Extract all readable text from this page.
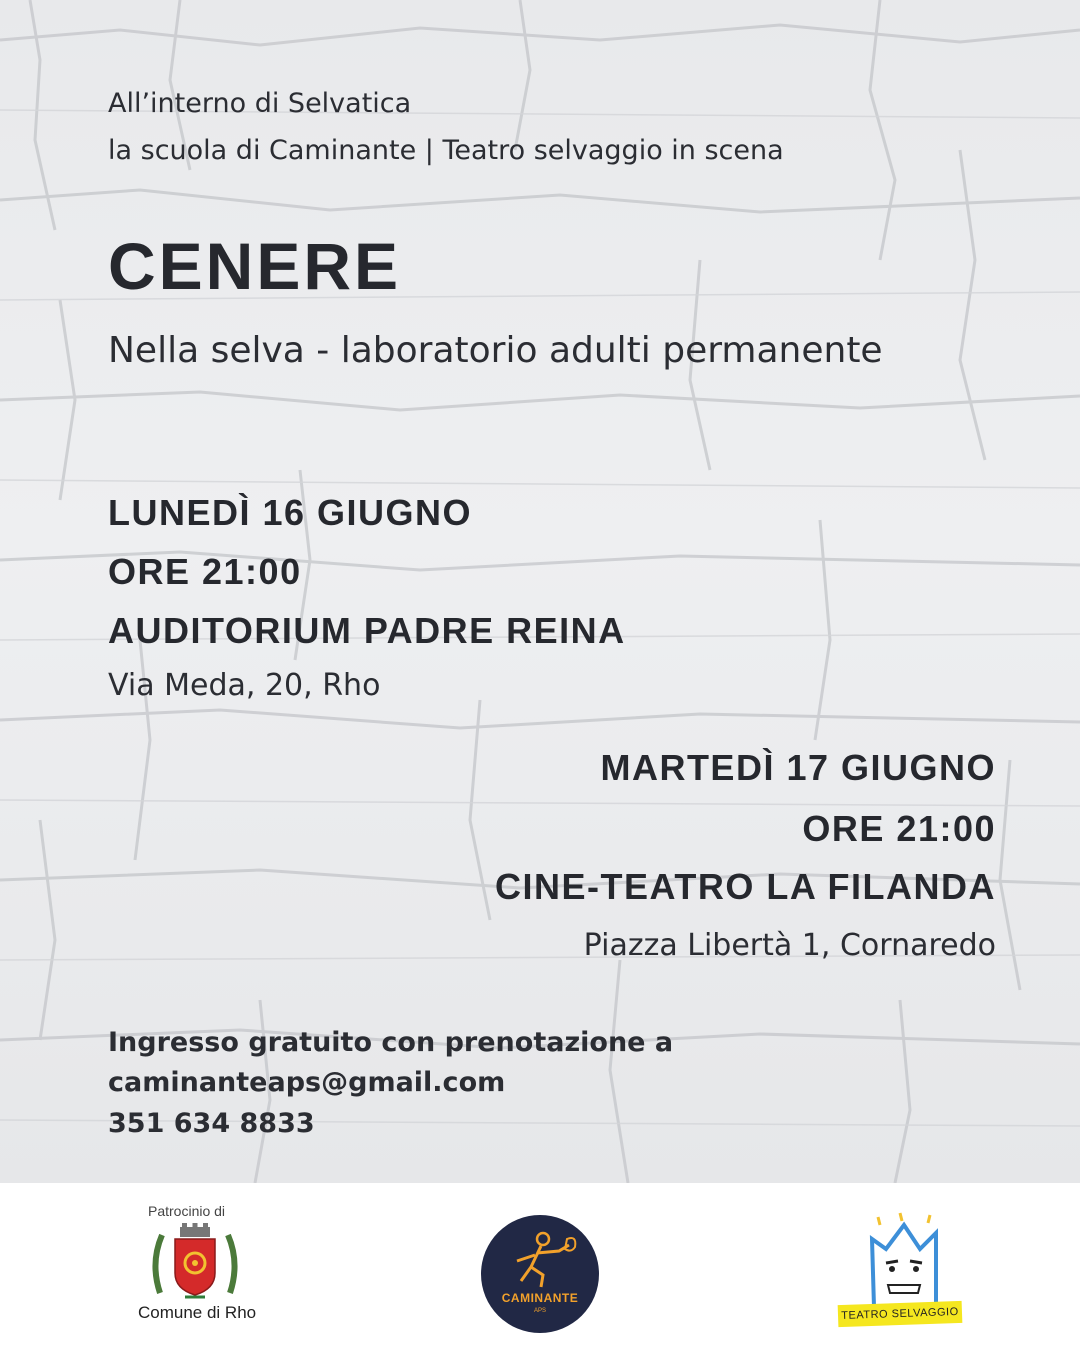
All’interno di Selvatica
la scuola di Caminante | Teatro selvaggio in scena
CENERE
Nella selva - laboratorio adulti permanente
LUNEDÌ 16 GIUGNO
ORE 21:00
AUDITORIUM PADRE REINA
Via Meda, 20, Rho
MARTEDÌ 17 GIUGNO
ORE 21:00
CINE-TEATRO LA FILANDA
Piazza Libertà 1, Cornaredo
Ingresso gratuito con prenotazione a
caminanteaps@gmail.com
351 634 8833
Patrocinio di
Comune di Rho
CAMINANTE
APS	TEATRO SELVAGGIO
